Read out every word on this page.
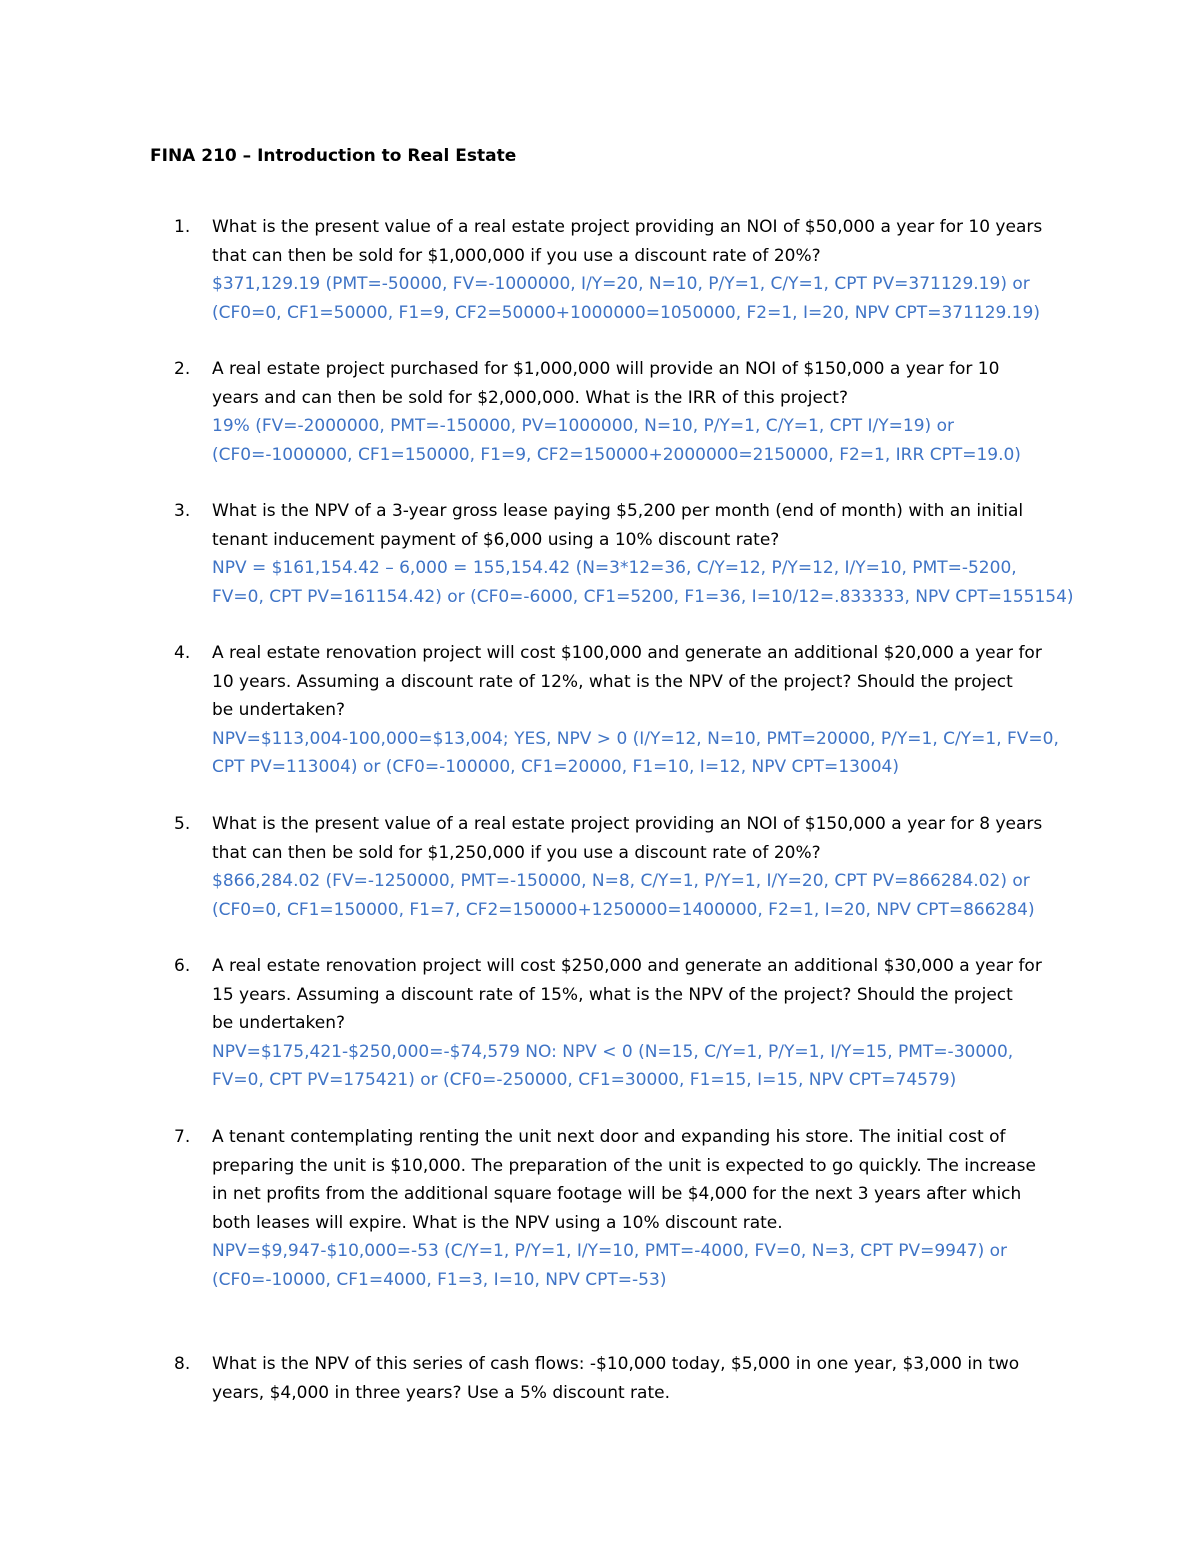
FINA 210 – Introduction to Real Estate
1. What is the present value of a real estate project providing an NOI of $50,000 a year for 10 years
that can then be sold for $1,000,000 if you use a discount rate of 20%?
$371,129.19 (PMT=-50000, FV=-1000000, I/Y=20, N=10, P/Y=1, C/Y=1, CPT PV=371129.19) or
(CF0=0, CF1=50000, F1=9, CF2=50000+1000000=1050000, F2=1, I=20, NPV CPT=371129.19)
2. A real estate project purchased for $1,000,000 will provide an NOI of $150,000 a year for 10
years and can then be sold for $2,000,000. What is the IRR of this project?
19% (FV=-2000000, PMT=-150000, PV=1000000, N=10, P/Y=1, C/Y=1, CPT I/Y=19) or
(CF0=-1000000, CF1=150000, F1=9, CF2=150000+2000000=2150000, F2=1, IRR CPT=19.0)
3. What is the NPV of a 3-year gross lease paying $5,200 per month (end of month) with an initial
tenant inducement payment of $6,000 using a 10% discount rate?
NPV = $161,154.42 – 6,000 = 155,154.42 (N=3*12=36, C/Y=12, P/Y=12, I/Y=10, PMT=-5200,
FV=0, CPT PV=161154.42) or (CF0=-6000, CF1=5200, F1=36, I=10/12=.833333, NPV CPT=155154)
4. A real estate renovation project will cost $100,000 and generate an additional $20,000 a year for
10 years. Assuming a discount rate of 12%, what is the NPV of the project? Should the project
be undertaken?
NPV=$113,004-100,000=$13,004; YES, NPV > 0 (I/Y=12, N=10, PMT=20000, P/Y=1, C/Y=1, FV=0,
CPT PV=113004) or (CF0=-100000, CF1=20000, F1=10, I=12, NPV CPT=13004)
5. What is the present value of a real estate project providing an NOI of $150,000 a year for 8 years
that can then be sold for $1,250,000 if you use a discount rate of 20%?
$866,284.02 (FV=-1250000, PMT=-150000, N=8, C/Y=1, P/Y=1, I/Y=20, CPT PV=866284.02) or
(CF0=0, CF1=150000, F1=7, CF2=150000+1250000=1400000, F2=1, I=20, NPV CPT=866284)
6. A real estate renovation project will cost $250,000 and generate an additional $30,000 a year for
15 years. Assuming a discount rate of 15%, what is the NPV of the project? Should the project
be undertaken?
NPV=$175,421-$250,000=-$74,579 NO: NPV < 0 (N=15, C/Y=1, P/Y=1, I/Y=15, PMT=-30000,
FV=0, CPT PV=175421) or (CF0=-250000, CF1=30000, F1=15, I=15, NPV CPT=74579)
7. A tenant contemplating renting the unit next door and expanding his store. The initial cost of
preparing the unit is $10,000. The preparation of the unit is expected to go quickly. The increase
in net profits from the additional square footage will be $4,000 for the next 3 years after which
both leases will expire. What is the NPV using a 10% discount rate.
NPV=$9,947-$10,000=-53 (C/Y=1, P/Y=1, I/Y=10, PMT=-4000, FV=0, N=3, CPT PV=9947) or
(CF0=-10000, CF1=4000, F1=3, I=10, NPV CPT=-53)
8. What is the NPV of this series of cash flows: -$10,000 today, $5,000 in one year, $3,000 in two
years, $4,000 in three years? Use a 5% discount rate.
